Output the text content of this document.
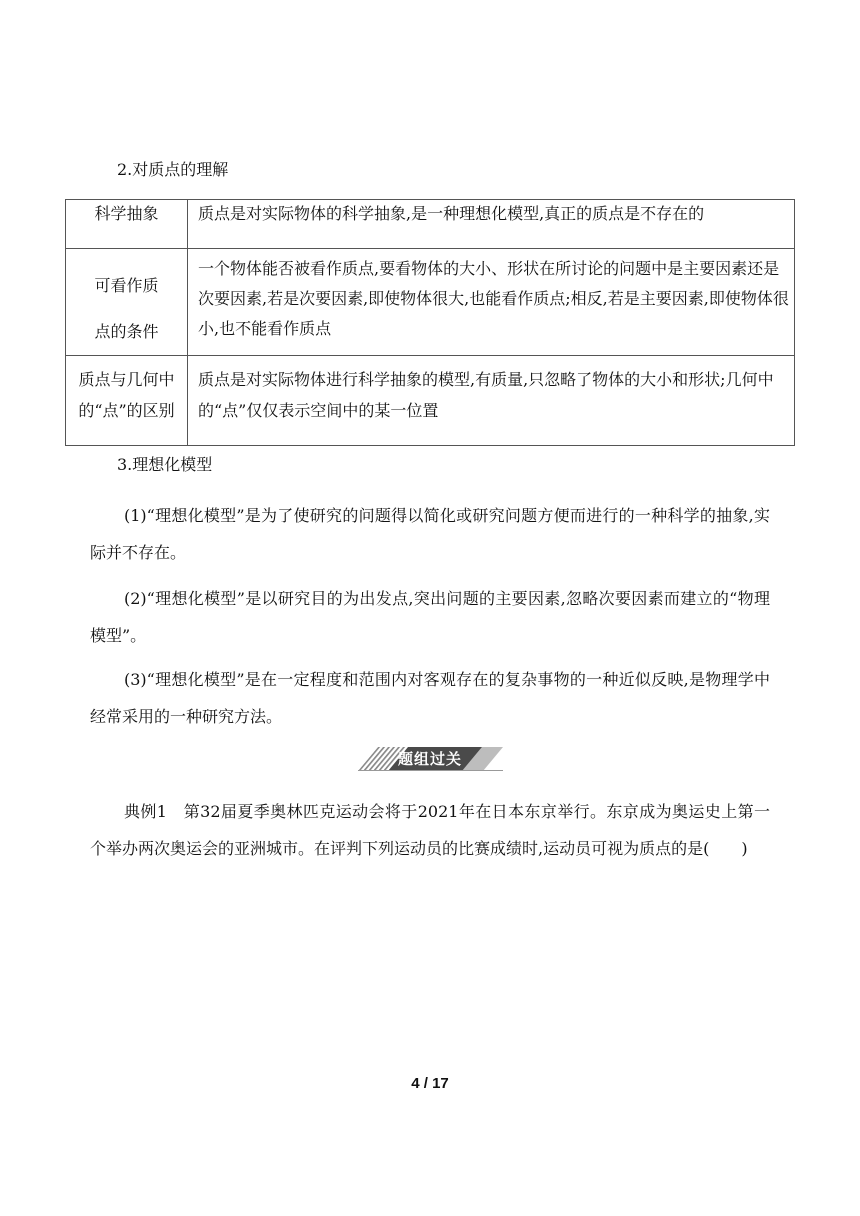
2.对质点的理解
科学抽象	质点是对实际物体的科学抽象,是一种理想化模型,真正的质点是不存在的

可看作质点的条件	一个物体能否被看作质点,要看物体的大小、形状在所讨论的问题中是主要因素还是次要因素,若是次要因素,即使物体很大,也能看作质点;相反,若是主要因素,即使物体很小,也不能看作质点

质点与几何中的“点”的区别	质点是对实际物体进行科学抽象的模型,有质量,只忽略了物体的大小和形状;几何中的“点”仅仅表示空间中的某一位置
3.理想化模型
(1)“理想化模型”是为了使研究的问题得以简化或研究问题方便而进行的一种科学的抽象,实际并不存在。
(2)“理想化模型”是以研究目的为出发点,突出问题的主要因素,忽略次要因素而建立的“物理模型”。
(3)“理想化模型”是在一定程度和范围内对客观存在的复杂事物的一种近似反映,是物理学中经常采用的一种研究方法。
题组过关
典例1　第32届夏季奥林匹克运动会将于2021年在日本东京举行。东京成为奥运史上第一个举办两次奥运会的亚洲城市。在评判下列运动员的比赛成绩时,运动员可视为质点的是(　　)
4 / 17
